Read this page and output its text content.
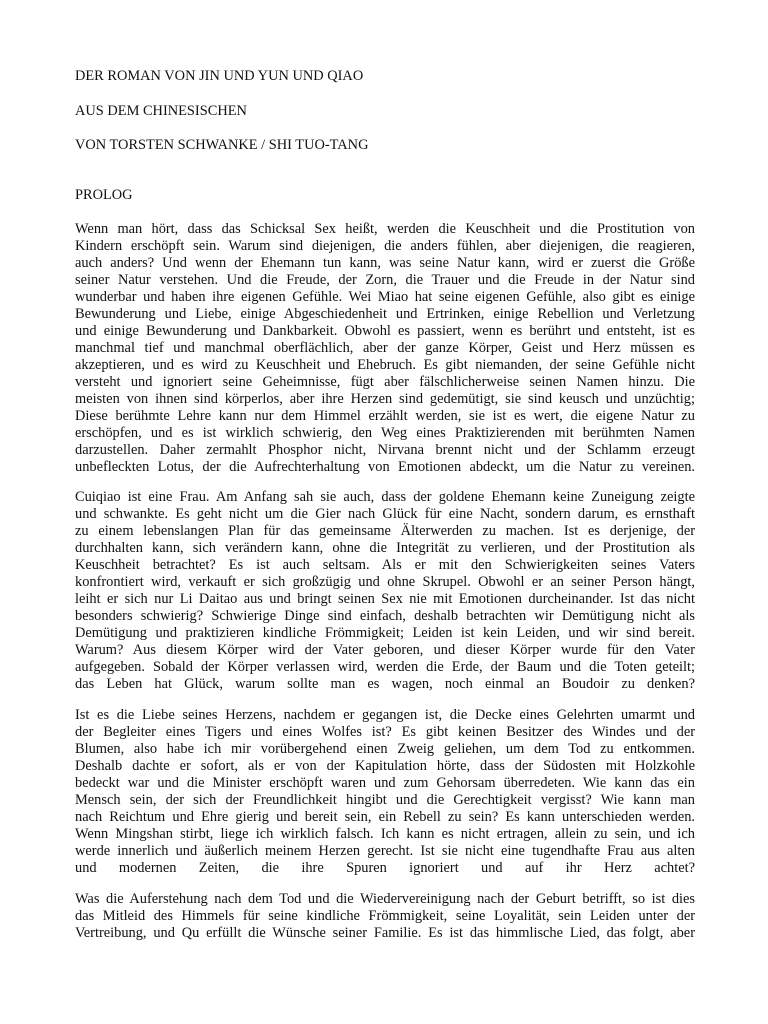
DER ROMAN VON JIN UND YUN UND QIAO
AUS DEM CHINESISCHEN
VON TORSTEN SCHWANKE / SHI TUO-TANG
PROLOG
Wenn man hört, dass das Schicksal Sex heißt, werden die Keuschheit und die Prostitution von
Kindern erschöpft sein. Warum sind diejenigen, die anders fühlen, aber diejenigen, die reagieren,
auch anders? Und wenn der Ehemann tun kann, was seine Natur kann, wird er zuerst die Größe
seiner Natur verstehen. Und die Freude, der Zorn, die Trauer und die Freude in der Natur sind
wunderbar und haben ihre eigenen Gefühle. Wei Miao hat seine eigenen Gefühle, also gibt es einige
Bewunderung und Liebe, einige Abgeschiedenheit und Ertrinken, einige Rebellion und Verletzung
und einige Bewunderung und Dankbarkeit. Obwohl es passiert, wenn es berührt und entsteht, ist es
manchmal tief und manchmal oberflächlich, aber der ganze Körper, Geist und Herz müssen es
akzeptieren, und es wird zu Keuschheit und Ehebruch. Es gibt niemanden, der seine Gefühle nicht
versteht und ignoriert seine Geheimnisse, fügt aber fälschlicherweise seinen Namen hinzu. Die
meisten von ihnen sind körperlos, aber ihre Herzen sind gedemütigt, sie sind keusch und unzüchtig;
Diese berühmte Lehre kann nur dem Himmel erzählt werden, sie ist es wert, die eigene Natur zu
erschöpfen, und es ist wirklich schwierig, den Weg eines Praktizierenden mit berühmten Namen
darzustellen. Daher zermahlt Phosphor nicht, Nirvana brennt nicht und der Schlamm erzeugt
unbefleckten Lotus, der die Aufrechterhaltung von Emotionen abdeckt, um die Natur zu vereinen.
Cuiqiao ist eine Frau. Am Anfang sah sie auch, dass der goldene Ehemann keine Zuneigung zeigte
und schwankte. Es geht nicht um die Gier nach Glück für eine Nacht, sondern darum, es ernsthaft
zu einem lebenslangen Plan für das gemeinsame Älterwerden zu machen. Ist es derjenige, der
durchhalten kann, sich verändern kann, ohne die Integrität zu verlieren, und der Prostitution als
Keuschheit betrachtet? Es ist auch seltsam. Als er mit den Schwierigkeiten seines Vaters
konfrontiert wird, verkauft er sich großzügig und ohne Skrupel. Obwohl er an seiner Person hängt,
leiht er sich nur Li Daitao aus und bringt seinen Sex nie mit Emotionen durcheinander. Ist das nicht
besonders schwierig? Schwierige Dinge sind einfach, deshalb betrachten wir Demütigung nicht als
Demütigung und praktizieren kindliche Frömmigkeit; Leiden ist kein Leiden, und wir sind bereit.
Warum? Aus diesem Körper wird der Vater geboren, und dieser Körper wurde für den Vater
aufgegeben. Sobald der Körper verlassen wird, werden die Erde, der Baum und die Toten geteilt;
das Leben hat Glück, warum sollte man es wagen, noch einmal an Boudoir zu denken?
Ist es die Liebe seines Herzens, nachdem er gegangen ist, die Decke eines Gelehrten umarmt und
der Begleiter eines Tigers und eines Wolfes ist? Es gibt keinen Besitzer des Windes und der
Blumen, also habe ich mir vorübergehend einen Zweig geliehen, um dem Tod zu entkommen.
Deshalb dachte er sofort, als er von der Kapitulation hörte, dass der Südosten mit Holzkohle
bedeckt war und die Minister erschöpft waren und zum Gehorsam überredeten. Wie kann das ein
Mensch sein, der sich der Freundlichkeit hingibt und die Gerechtigkeit vergisst? Wie kann man
nach Reichtum und Ehre gierig und bereit sein, ein Rebell zu sein? Es kann unterschieden werden.
Wenn Mingshan stirbt, liege ich wirklich falsch. Ich kann es nicht ertragen, allein zu sein, und ich
werde innerlich und äußerlich meinem Herzen gerecht. Ist sie nicht eine tugendhafte Frau aus alten
und modernen Zeiten, die ihre Spuren ignoriert und auf ihr Herz achtet?
Was die Auferstehung nach dem Tod und die Wiedervereinigung nach der Geburt betrifft, so ist dies
das Mitleid des Himmels für seine kindliche Frömmigkeit, seine Loyalität, sein Leiden unter der
Vertreibung, und Qu erfüllt die Wünsche seiner Familie. Es ist das himmlische Lied, das folgt, aber
